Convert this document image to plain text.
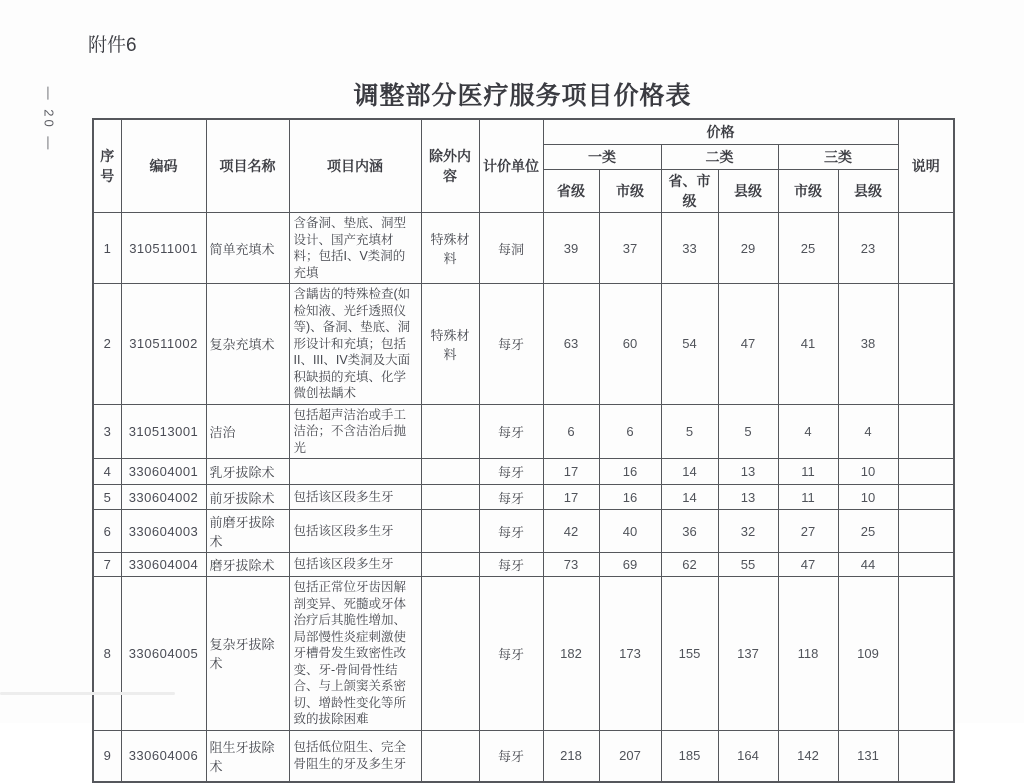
附件6
— 20 —	调整部分医疗服务项目价格表
序号	编码	项目名称	项目内涵	除外内容	计价单位	价格						说明
						一类		二类		三类		
						省级	市级	省、市级	县级	市级	县级	
1	310511001	简单充填术	含备洞、垫底、洞型设计、国产充填材料；包括I、V类洞的充填	特殊材料	每洞	39	37	33	29	25	23	
2	310511002	复杂充填术	含龋齿的特殊检查(如检知液、光纤透照仪等)、备洞、垫底、洞形设计和充填；包括II、III、IV类洞及大面积缺损的充填、化学微创祛龋术	特殊材料	每牙	63	60	54	47	41	38	
3	310513001	洁治	包括超声洁治或手工洁治；不含洁治后抛光		每牙	6	6	5	5	4	4	
4	330604001	乳牙拔除术			每牙	17	16	14	13	11	10	
5	330604002	前牙拔除术	包括该区段多生牙		每牙	17	16	14	13	11	10	
6	330604003	前磨牙拔除术	包括该区段多生牙		每牙	42	40	36	32	27	25	
7	330604004	磨牙拔除术	包括该区段多生牙		每牙	73	69	62	55	47	44	
8	330604005	复杂牙拔除术	包括正常位牙齿因解剖变异、死髓或牙体治疗后其脆性增加、局部慢性炎症刺激使牙槽骨发生致密性改变、牙-骨间骨性结合、与上颌窦关系密切、增龄性变化等所致的拔除困难		每牙	182	173	155	137	118	109	
9	330604006	阻生牙拔除术	包括低位阻生、完全骨阻生的牙及多生牙		每牙	218	207	185	164	142	131	
